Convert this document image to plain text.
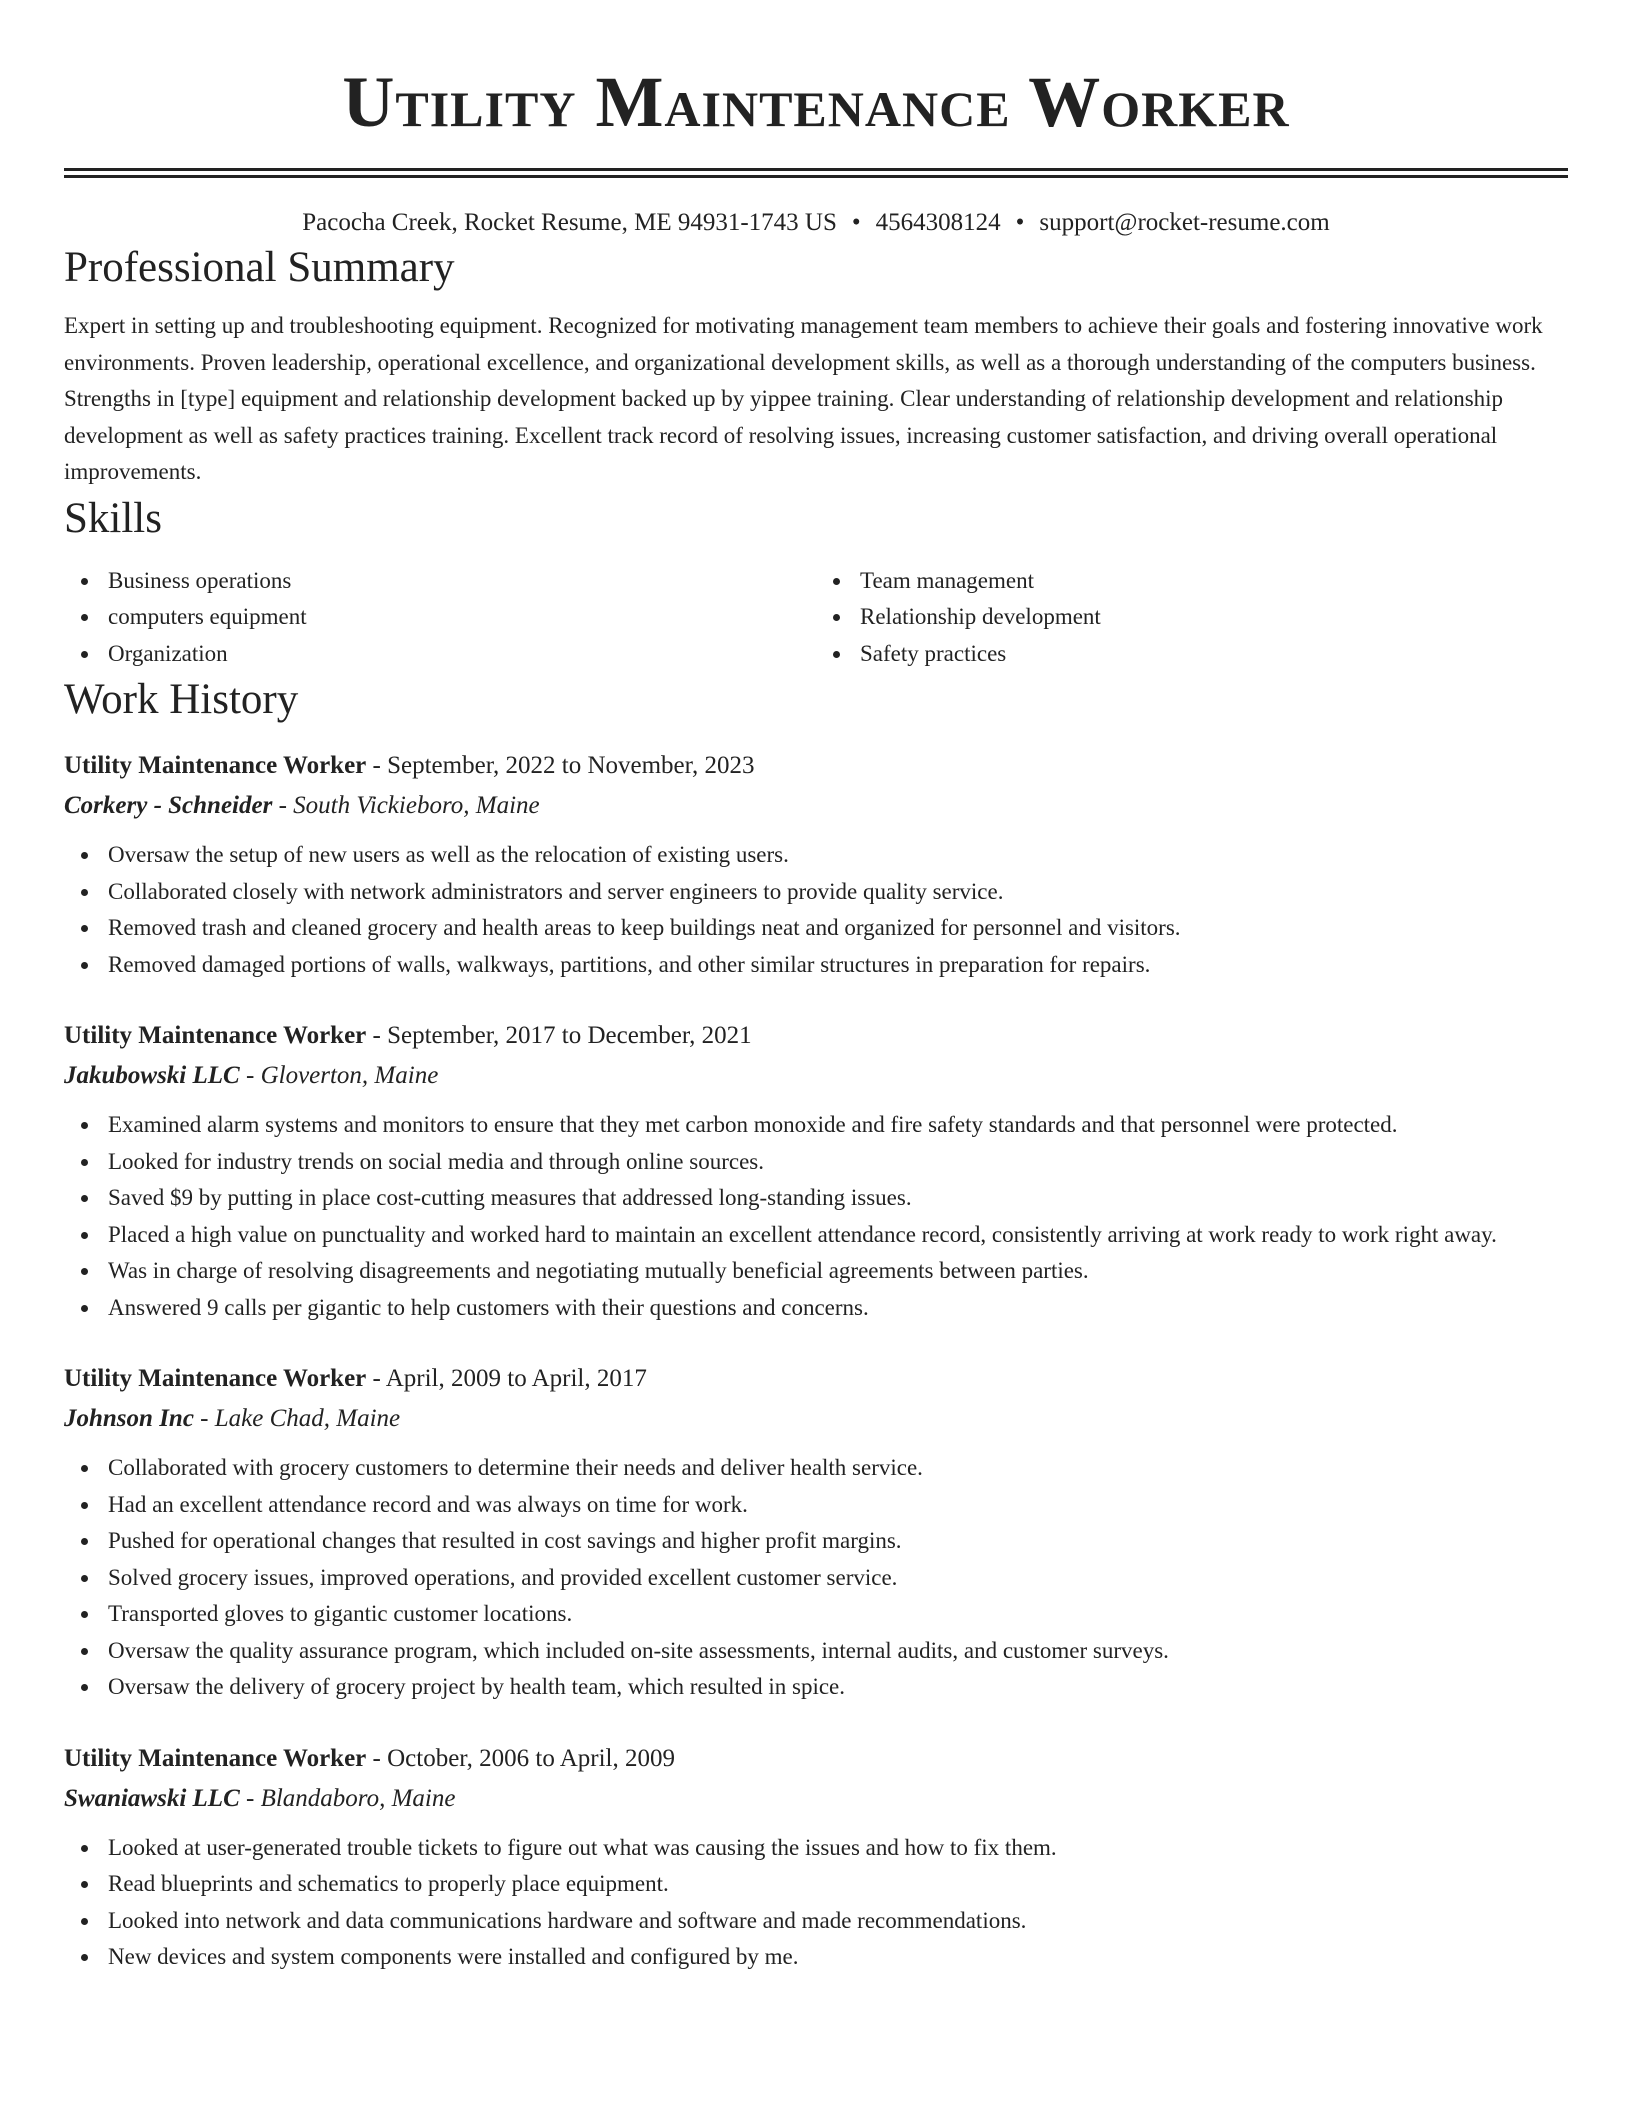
Utility Maintenance Worker
Pacocha Creek, Rocket Resume, ME 94931-1743 US • 4564308124 • support@rocket-resume.com
Professional Summary

Expert in setting up and troubleshooting equipment. Recognized for motivating management team members to achieve their goals and fostering innovative work environments. Proven leadership, operational excellence, and organizational development skills, as well as a thorough understanding of the computers business. Strengths in [type] equipment and relationship development backed up by yippee training. Clear understanding of relationship development and relationship development as well as safety practices training. Excellent track record of resolving issues, increasing customer satisfaction, and driving overall operational improvements.

Skills
Business operations
computers equipment
Organization
Team management
Relationship development
Safety practices
Work History
Utility Maintenance Worker - September, 2022 to November, 2023
Corkery - Schneider - South Vickieboro, Maine
Oversaw the setup of new users as well as the relocation of existing users.
Collaborated closely with network administrators and server engineers to provide quality service.
Removed trash and cleaned grocery and health areas to keep buildings neat and organized for personnel and visitors.
Removed damaged portions of walls, walkways, partitions, and other similar structures in preparation for repairs.
Utility Maintenance Worker - September, 2017 to December, 2021
Jakubowski LLC - Gloverton, Maine
Examined alarm systems and monitors to ensure that they met carbon monoxide and fire safety standards and that personnel were protected.
Looked for industry trends on social media and through online sources.
Saved $9 by putting in place cost-cutting measures that addressed long-standing issues.
Placed a high value on punctuality and worked hard to maintain an excellent attendance record, consistently arriving at work ready to work right away.
Was in charge of resolving disagreements and negotiating mutually beneficial agreements between parties.
Answered 9 calls per gigantic to help customers with their questions and concerns.
Utility Maintenance Worker - April, 2009 to April, 2017
Johnson Inc - Lake Chad, Maine
Collaborated with grocery customers to determine their needs and deliver health service.
Had an excellent attendance record and was always on time for work.
Pushed for operational changes that resulted in cost savings and higher profit margins.
Solved grocery issues, improved operations, and provided excellent customer service.
Transported gloves to gigantic customer locations.
Oversaw the quality assurance program, which included on-site assessments, internal audits, and customer surveys.
Oversaw the delivery of grocery project by health team, which resulted in spice.
Utility Maintenance Worker - October, 2006 to April, 2009
Swaniawski LLC - Blandaboro, Maine
Looked at user-generated trouble tickets to figure out what was causing the issues and how to fix them.
Read blueprints and schematics to properly place equipment.
Looked into network and data communications hardware and software and made recommendations.
New devices and system components were installed and configured by me.
